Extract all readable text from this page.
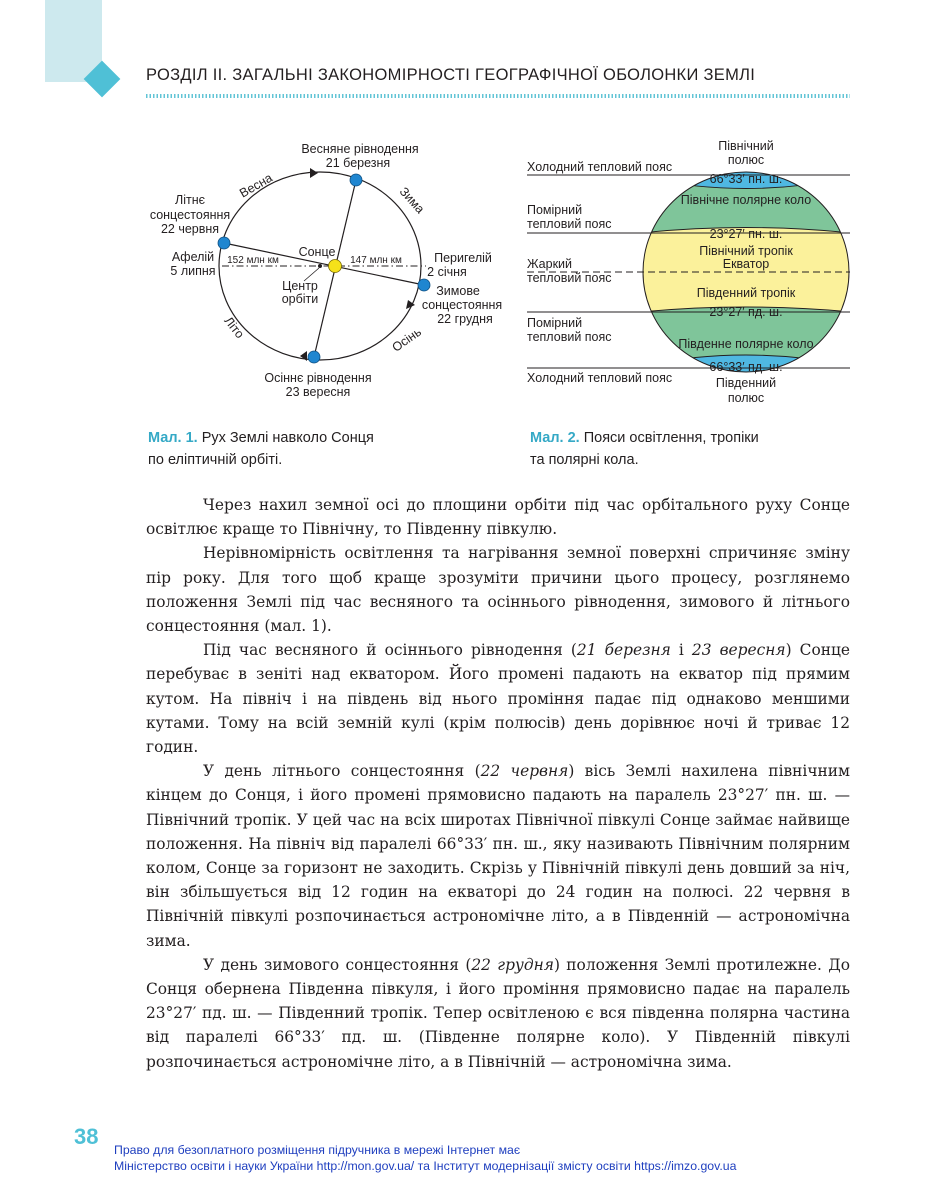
РОЗДІЛ II. ЗАГАЛЬНІ ЗАКОНОМІРНОСТІ ГЕОГРАФІЧНОЇ ОБОЛОНКИ ЗЕМЛІ
Весняне рівнодення
21 березня
Весна	Зима
Літнє
сонцестояння
22 червня
Афелій
5 липня
Сонце	Перигелій
2 січня
Центр
орбіти
Зимове
сонцестояння
22 грудня
Літо	Осінь
Осіннє рівнодення
23 вересня
152 млн км	147 млн км
Північний
полюс
Холодний тепловий пояс
66°33′ пн. ш.
Північне полярне коло
Помірний
тепловий пояс
23°27′ пн. ш.
Північний тропік
Екватор
Жаркий
тепловий пояс
Південний тропік
23°27′ пд. ш.
Помірний
тепловий пояс	Південне полярне коло
66°33′ пд. ш.
Холодний тепловий пояс	Південний
полюс
Мал. 1. Рух Землі навколо Сонця
по еліптичній орбіті.
Мал. 2. Пояси освітлення, тропіки
та полярні кола.

Через нахил земної осі до площини орбіти під час орбітального руху Сонце освітлює краще то Північну, то Південну півкулю.

Нерівномірність освітлення та нагрівання земної поверхні спричиняє зміну пір року. Для того щоб краще зрозуміти причини цього процесу, розглянемо положення Землі під час весняного та осіннього рівнодення, зимового й літнього сонцестояння (мал. 1).

Під час весняного й осіннього рівнодення (21 березня і 23 вересня) Сонце перебуває в зеніті над екватором. Його промені падають на екватор під прямим кутом. На північ і на південь від нього проміння падає під однаково меншими кутами. Тому на всій земній кулі (крім полюсів) день дорівнює ночі й триває 12 годин.

У день літнього сонцестояння (22 червня) вісь Землі нахилена північним кінцем до Сонця, і його промені прямовисно падають на паралель 23°27′ пн. ш. — Північний тропік. У цей час на всіх широтах Північної півкулі Сонце займає найвище положення. На північ від паралелі 66°33′ пн. ш., яку називають Північним полярним колом, Сонце за горизонт не заходить. Скрізь у Північній півкулі день довший за ніч, він збільшується від 12 годин на екваторі до 24 годин на полюсі. 22 червня в Північній півкулі розпочинається астрономічне літо, а в Південній — астрономічна зима.

У день зимового сонцестояння (22 грудня) положення Землі протилежне. До Сонця обернена Південна півкуля, і його проміння прямовисно падає на паралель 23°27′ пд. ш. — Південний тропік. Тепер освітленою є вся південна полярна частина від паралелі 66°33′ пд. ш. (Південне полярне коло). У Південній півкулі розпочинається астрономічне літо, а в Північній — астрономічна зима.

38
Право для безоплатного розміщення підручника в мережі Інтернет має
Міністерство освіти і науки України http://mon.gov.ua/ та Інститут модернізації змісту освіти https://imzo.gov.ua
